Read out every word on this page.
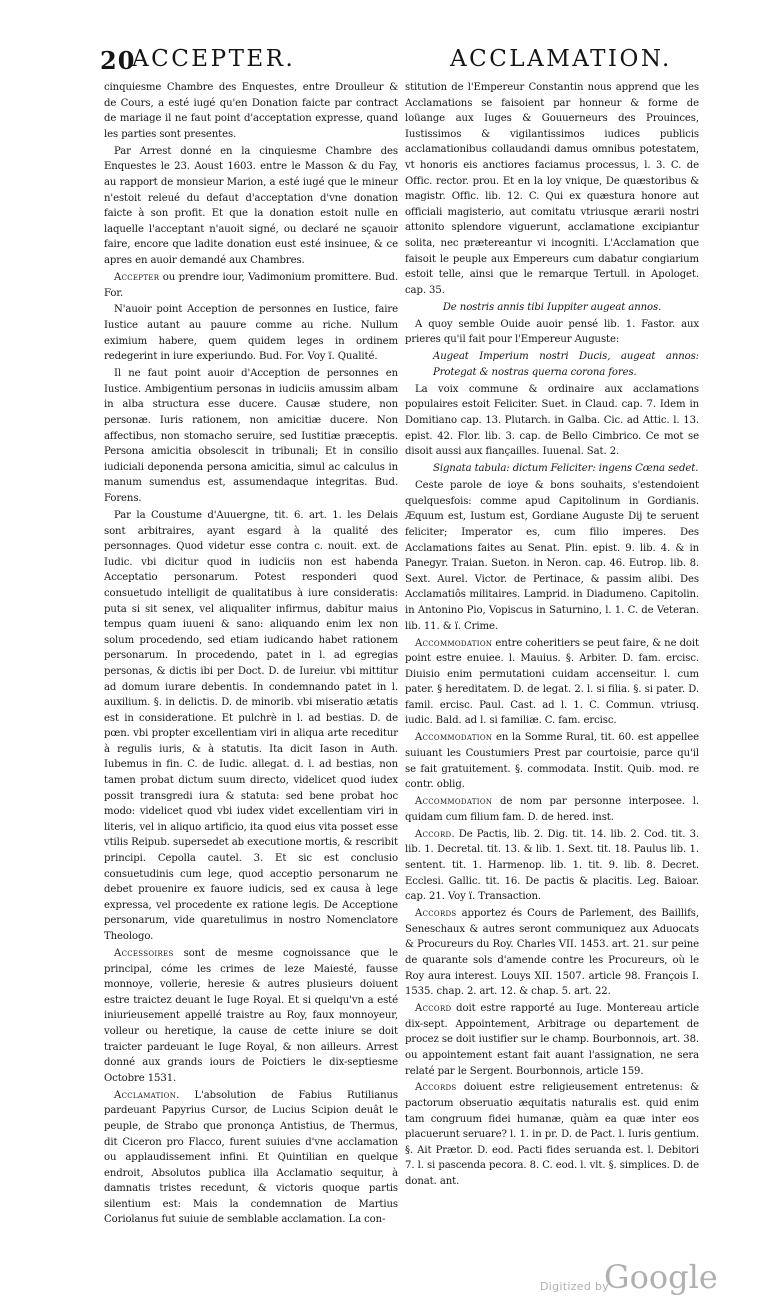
20
ACCEPTER.	ACCLAMATION.

cinquiesme Chambre des Enquestes, entre Droulleur & de Cours, a esté iugé qu'en Donation faicte par contract de mariage il ne faut point d'acceptation expresse, quand les parties sont presentes.

Par Arrest donné en la cinquiesme Chambre des Enquestes le 23. Aoust 1603. entre le Masson & du Fay, au rapport de monsieur Marion, a esté iugé que le mineur n'estoit releué du defaut d'acceptation d'vne donation faicte à son profit. Et que la donation estoit nulle en laquelle l'acceptant n'auoit signé, ou declaré ne sçauoir faire, encore que ladite donation eust esté insinuee, & ce apres en auoir demandé aux Chambres.

Accepter ou prendre iour, Vadimonium promittere. Bud. For.

N'auoir point Acception de personnes en Iustice, faire Iustice autant au pauure comme au riche. Nullum eximium habere, quem quidem leges in ordinem redegerint in iure experiundo. Bud. For. Voy ï. Qualité.

Il ne faut point auoir d'Acception de personnes en Iustice. Ambigentium personas in iudiciis amussim albam in alba structura esse ducere. Causæ studere, non personæ. Iuris rationem, non amicitiæ ducere. Non affectibus, non stomacho seruire, sed Iustitiæ præceptis. Persona amicitia obsolescit in tribunali; Et in consilio iudiciali deponenda persona amicitia, simul ac calculus in manum sumendus est, assumendaque integritas. Bud. Forens.

Par la Coustume d'Auuergne, tit. 6. art. 1. les Delais sont arbitraires, ayant esgard à la qualité des personnages. Quod videtur esse contra c. nouit. ext. de Iudic. vbi dicitur quod in iudiciis non est habenda Acceptatio personarum. Potest responderi quod consuetudo intelligit de qualitatibus à iure consideratis: puta si sit senex, vel aliqualiter infirmus, dabitur maius tempus quam iuueni & sano: aliquando enim lex non solum procedendo, sed etiam iudicando habet rationem personarum. In procedendo, patet in l. ad egregias personas, & dictis ibi per Doct. D. de Iureiur. vbi mittitur ad domum iurare debentis. In condemnando patet in l. auxilium. §. in delictis. D. de minorib. vbi miseratio ætatis est in consideratione. Et pulchrè in l. ad bestias. D. de pœn. vbi propter excellentiam viri in aliqua arte receditur à regulis iuris, & à statutis. Ita dicit Iason in Auth. Iubemus in fin. C. de Iudic. allegat. d. l. ad bestias, non tamen probat dictum suum directo, videlicet quod iudex possit transgredi iura & statuta: sed bene probat hoc modo: videlicet quod vbi iudex videt excellentiam viri in literis, vel in aliquo artificio, ita quod eius vita posset esse vtilis Reipub. supersedet ab executione mortis, & rescribit principi. Cepolla cautel. 3. Et sic est conclusio consuetudinis cum lege, quod acceptio personarum ne debet prouenire ex fauore iudicis, sed ex causa à lege expressa, vel procedente ex ratione legis. De Acceptione personarum, vide quaretulimus in nostro Nomenclatore Theologo.

Accessoires sont de mesme cognoissance que le principal, cóme les crimes de leze Maiesté, fausse monnoye, vollerie, heresie & autres plusieurs doiuent estre traictez deuant le Iuge Royal. Et si quelqu'vn a esté iniurieusement appellé traistre au Roy, faux monnoyeur, volleur ou heretique, la cause de cette iniure se doit traicter pardeuant le Iuge Royal, & non ailleurs. Arrest donné aux grands iours de Poictiers le dix-septiesme Octobre 1531.

Acclamation. L'absolution de Fabius Rutilianus pardeuant Papyrius Cursor, de Lucius Scipion deuât le peuple, de Strabo que prononça Antistius, de Thermus, dit Ciceron pro Flacco, furent suiuies d'vne acclamation ou applaudissement infini. Et Quintilian en quelque endroit, Absolutos publica illa Acclamatio sequitur, à damnatis tristes recedunt, & victoris quoque partis silentium est: Mais la condemnation de Martius Coriolanus fut suiuie de semblable acclamation. La con-

stitution de l'Empereur Constantin nous apprend que les Acclamations se faisoient par honneur & forme de loüange aux Iuges & Gouuerneurs des Prouinces, Iustissimos & vigilantissimos iudices publicis acclamationibus collaudandi damus omnibus potestatem, vt honoris eis anctiores faciamus processus, l. 3. C. de Offic. rector. prou. Et en la loy vnique, De quæstoribus & magistr. Offic. lib. 12. C. Qui ex quæstura honore aut officiali magisterio, aut comitatu vtriusque ærarii nostri attonito splendore viguerunt, acclamatione excipiantur solita, nec prætereantur vi incogniti. L'Acclamation que faisoit le peuple aux Empereurs cum dabatur congiarium estoit telle, ainsi que le remarque Tertull. in Apologet. cap. 35.

De nostris annis tibi Iuppiter augeat annos.

A quoy semble Ouide auoir pensé lib. 1. Fastor. aux prieres qu'il fait pour l'Empereur Auguste:

Augeat Imperium nostri Ducis, augeat annos: Protegat & nostras querna corona fores.

La voix commune & ordinaire aux acclamations populaires estoit Feliciter. Suet. in Claud. cap. 7. Idem in Domitiano cap. 13. Plutarch. in Galba. Cic. ad Attic. l. 13. epist. 42. Flor. lib. 3. cap. de Bello Cimbrico. Ce mot se disoit aussi aux fiançailles. Iuuenal. Sat. 2.

Signata tabula: dictum Feliciter: ingens Cœna sedet.

Ceste parole de ioye & bons souhaits, s'estendoient quelquesfois: comme apud Capitolinum in Gordianis. Æquum est, Iustum est, Gordiane Auguste Dij te seruent feliciter; Imperator es, cum filio imperes. Des Acclamations faites au Senat. Plin. epist. 9. lib. 4. & in Panegyr. Traian. Sueton. in Neron. cap. 46. Eutrop. lib. 8. Sext. Aurel. Victor. de Pertinace, & passim alibi. Des Acclamatiôs militaires. Lamprid. in Diadumeno. Capitolin. in Antonino Pio, Vopiscus in Saturnino, l. 1. C. de Veteran. lib. 11. & ï. Crime.

Accommodation entre coheritiers se peut faire, & ne doit point estre enuiee. l. Mauius. §. Arbiter. D. fam. ercisc. Diuisio enim permutationi cuidam accenseitur. l. cum pater. § hereditatem. D. de legat. 2. l. si filia. §. si pater. D. famil. ercisc. Paul. Cast. ad l. 1. C. Commun. vtriusq. iudic. Bald. ad l. si familiæ. C. fam. ercisc.

Accommodation en la Somme Rural, tit. 60. est appellee suiuant les Coustumiers Prest par courtoisie, parce qu'il se fait gratuitement. §. commodata. Instit. Quib. mod. re contr. oblig.

Accommodation de nom par personne interposee. l. quidam cum filium fam. D. de hered. inst.

Accord. De Pactis, lib. 2. Dig. tit. 14. lib. 2. Cod. tit. 3. lib. 1. Decretal. tit. 13. & lib. 1. Sext. tit. 18. Paulus lib. 1. sentent. tit. 1. Harmenop. lib. 1. tit. 9. lib. 8. Decret. Ecclesi. Gallic. tit. 16. De pactis & placitis. Leg. Baioar. cap. 21. Voy ï. Transaction.

Accords apportez és Cours de Parlement, des Baillifs, Seneschaux & autres seront communiquez aux Aduocats & Procureurs du Roy. Charles VII. 1453. art. 21. sur peine de quarante sols d'amende contre les Procureurs, où le Roy aura interest. Louys XII. 1507. article 98. François I. 1535. chap. 2. art. 12. & chap. 5. art. 22.

Accord doit estre rapporté au Iuge. Montereau article dix-sept. Appointement, Arbitrage ou departement de procez se doit iustifier sur le champ. Bourbonnois, art. 38. ou appointement estant fait auant l'assignation, ne sera relaté par le Sergent. Bourbonnois, article 159.

Accords doiuent estre religieusement entretenus: & pactorum obseruatio æquitatis naturalis est. quid enim tam congruum fidei humanæ, quàm ea quæ inter eos placuerunt seruare? l. 1. in pr. D. de Pact. l. Iuris gentium. §. Ait Prætor. D. eod. Pacti fides seruanda est. l. Debitori 7. l. si pascenda pecora. 8. C. eod. l. vlt. §. simplices. D. de donat. ant.

Digitized by
Google
